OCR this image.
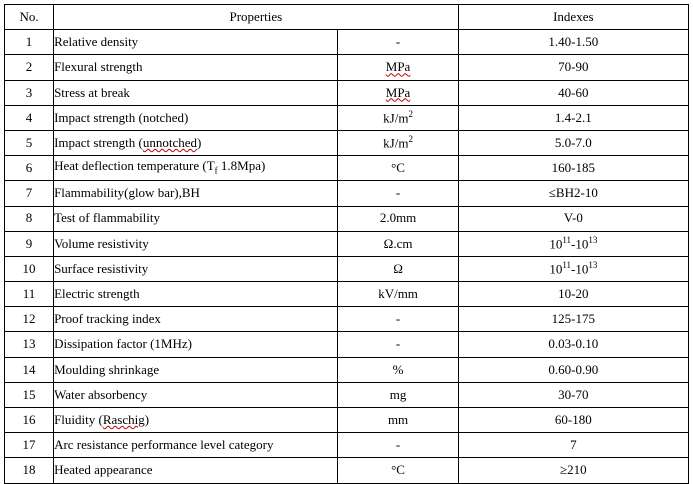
No.	Properties		Indexes
1	Relative density	-	1.40-1.50
2	Flexural strength	MPa	70-90
3	Stress at break	MPa	40-60
4	Impact strength (notched)	$kJ/m^2$	1.4-2.1
5	Impact strength (unnotched)	$kJ/m^2$	5.0-7.0
6	Heat deflection temperature ($T_f$ 1.8Mpa)	°C	160-185
7	Flammability(glow bar),BH	-	≤BH2-10
8	Test of flammability	2.0mm	V-0
9	Volume resistivity	Ω.cm	$10^{11}-10^{13}$
10	Surface resistivity	Ω	$10^{11}-10^{13}$
11	Electric strength	kV/mm	10-20
12	Proof tracking index	-	125-175
13	Dissipation factor (1MHz)	-	0.03-0.10
14	Moulding shrinkage	%	0.60-0.90
15	Water absorbency	mg	30-70
16	Fluidity (Raschig)	mm	60-180
17	Arc resistance performance level category	-	7
18	Heated appearance	°C	≥210
